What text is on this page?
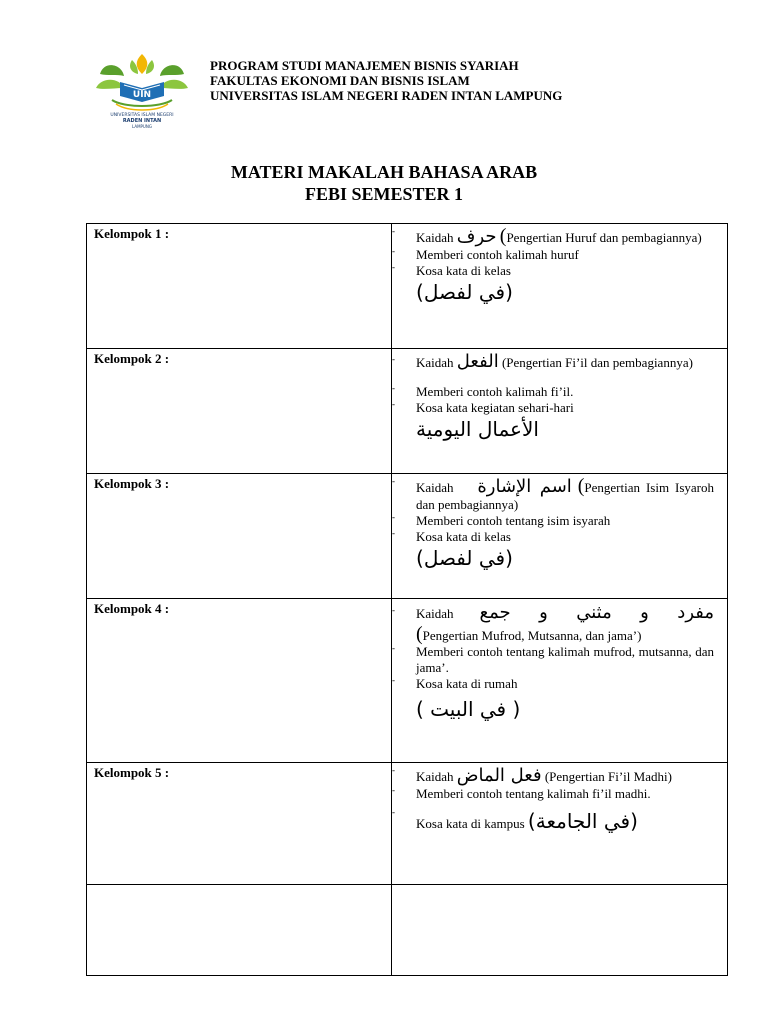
UIN
UNIVERSITAS ISLAM NEGERI
RADEN INTAN
LAMPUNG
PROGRAM STUDI MANAJEMEN BISNIS SYARIAH
FAKULTAS EKONOMI DAN BISNIS ISLAM
UNIVERSITAS ISLAM NEGERI RADEN INTAN LAMPUNG
MATERI MAKALAH BAHASA ARAB
FEBI SEMESTER 1
Kelompok 1 :	- Kaidah حرف (Pengertian Huruf dan pembagiannya)
- Memberi contoh kalimah huruf
- Kosa kata di kelas
(في لفصل)

Kelompok 2 :	- Kaidah الفعل (Pengertian Fi’il dan pembagiannya)
- Memberi contoh kalimah fi’il.
- Kosa kata kegiatan sehari-hari
الأعمال اليومية

Kelompok 3 :	- Kaidah اسم الإشارة (Pengertian Isim Isyaroh dan pembagiannya)
- Memberi contoh tentang isim isyarah
- Kosa kata di kelas
(في لفصل)

Kelompok 4 :	- Kaidah مفرد و مثني و جمع
(Pengertian Mufrod, Mutsanna, dan jama’)
- Memberi contoh tentang kalimah mufrod, mutsanna, dan jama’.
- Kosa kata di rumah
( في البيت )

Kelompok 5 :	- Kaidah فعل الماض (Pengertian Fi’il Madhi)
- Memberi contoh tentang kalimah fi’il madhi.
- Kosa kata di kampus (في الجامعة)
